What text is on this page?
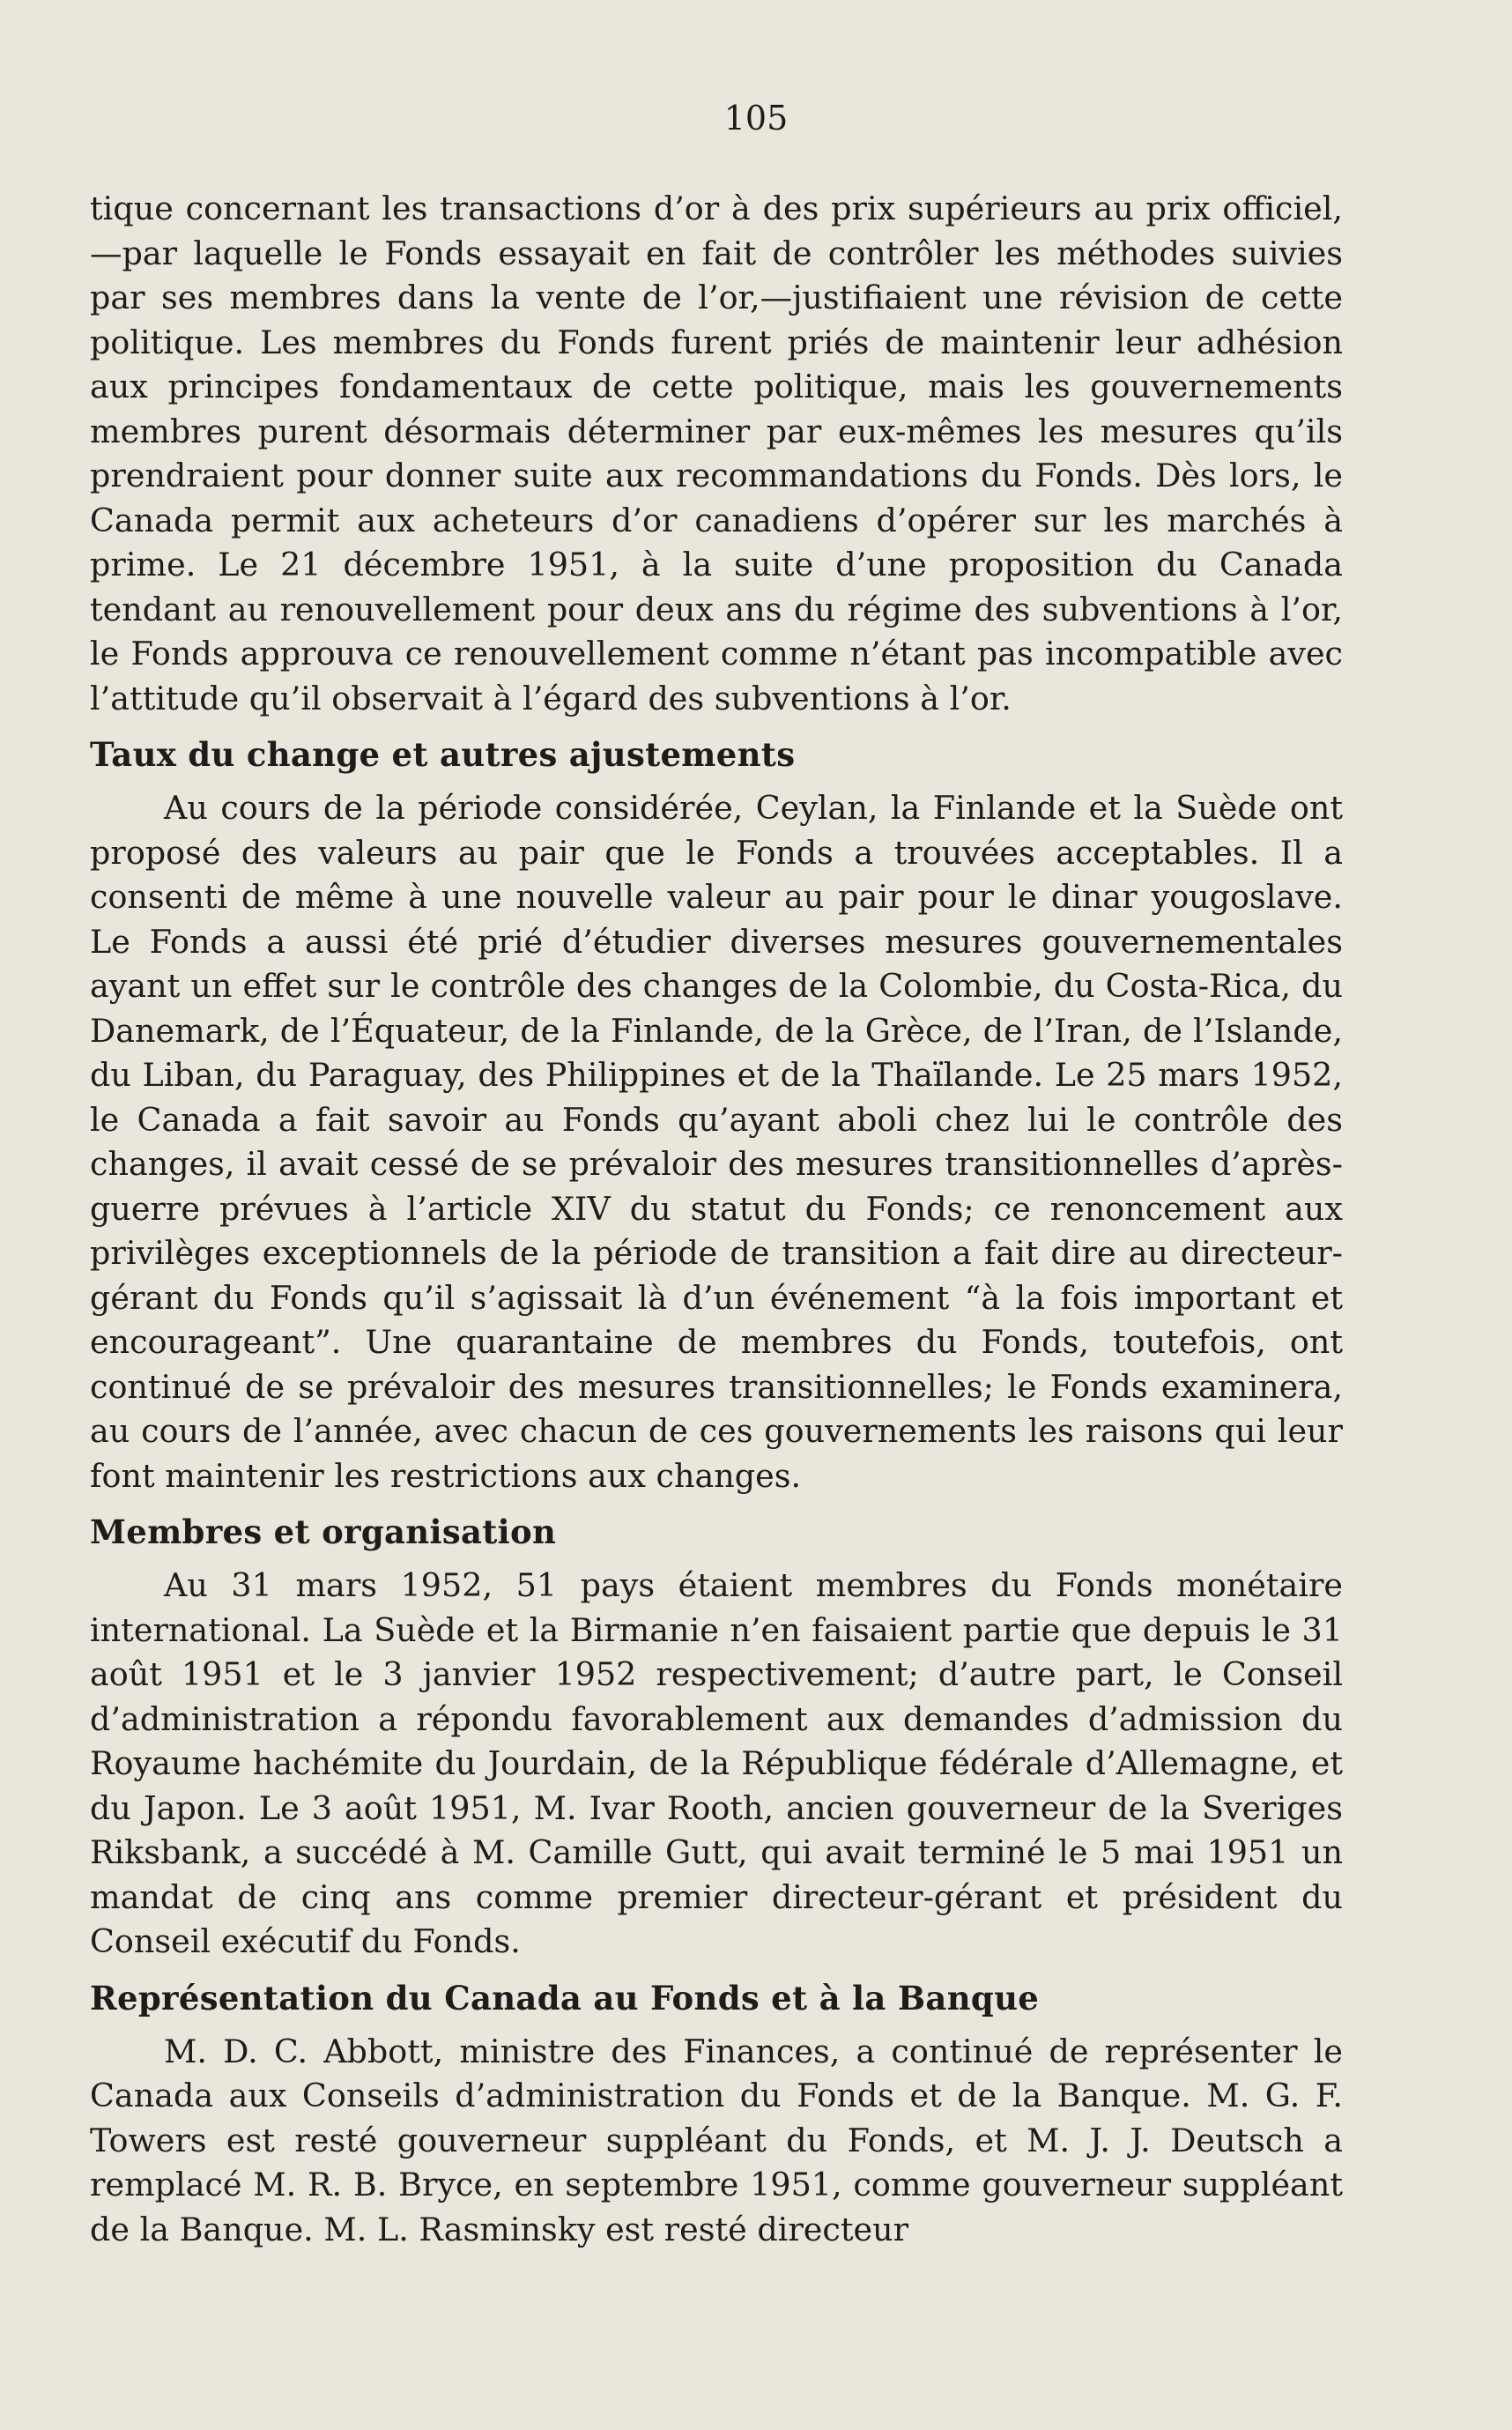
105

tique concernant les transactions d’or à des prix supérieurs au prix officiel,—par laquelle le Fonds essayait en fait de contrôler les méthodes suivies par ses membres dans la vente de l’or,—justifiaient une révision de cette politique. Les membres du Fonds furent priés de maintenir leur adhésion aux principes fondamentaux de cette politique, mais les gouvernements membres purent désormais déterminer par eux-mêmes les mesures qu’ils prendraient pour donner suite aux recommandations du Fonds. Dès lors, le Canada permit aux acheteurs d’or canadiens d’opérer sur les marchés à prime. Le 21 décembre 1951, à la suite d’une proposition du Canada tendant au renouvellement pour deux ans du régime des subventions à l’or, le Fonds approuva ce renouvellement comme n’étant pas incompatible avec l’attitude qu’il observait à l’égard des subventions à l’or.

Taux du change et autres ajustements

Au cours de la période considérée, Ceylan, la Finlande et la Suède ont proposé des valeurs au pair que le Fonds a trouvées acceptables. Il a consenti de même à une nouvelle valeur au pair pour le dinar yougoslave. Le Fonds a aussi été prié d’étudier diverses mesures gouvernementales ayant un effet sur le contrôle des changes de la Colombie, du Costa-Rica, du Danemark, de l’Équateur, de la Finlande, de la Grèce, de l’Iran, de l’Islande, du Liban, du Paraguay, des Philippines et de la Thaïlande. Le 25 mars 1952, le Canada a fait savoir au Fonds qu’ayant aboli chez lui le contrôle des changes, il avait cessé de se prévaloir des mesures transitionnelles d’après-guerre prévues à l’article XIV du statut du Fonds; ce renoncement aux privilèges exceptionnels de la période de transition a fait dire au directeur-gérant du Fonds qu’il s’agissait là d’un événement “à la fois important et encourageant”. Une quarantaine de membres du Fonds, toutefois, ont continué de se prévaloir des mesures transitionnelles; le Fonds examinera, au cours de l’année, avec chacun de ces gouvernements les raisons qui leur font maintenir les restrictions aux changes.

Membres et organisation

Au 31 mars 1952, 51 pays étaient membres du Fonds monétaire international. La Suède et la Birmanie n’en faisaient partie que depuis le 31 août 1951 et le 3 janvier 1952 respectivement; d’autre part, le Conseil d’administration a répondu favorablement aux demandes d’admission du Royaume hachémite du Jourdain, de la République fédérale d’Allemagne, et du Japon. Le 3 août 1951, M. Ivar Rooth, ancien gouverneur de la Sveriges Riksbank, a succédé à M. Camille Gutt, qui avait terminé le 5 mai 1951 un mandat de cinq ans comme premier directeur-gérant et président du Conseil exécutif du Fonds.

Représentation du Canada au Fonds et à la Banque

M. D. C. Abbott, ministre des Finances, a continué de représenter le Canada aux Conseils d’administration du Fonds et de la Banque. M. G. F. Towers est resté gouverneur suppléant du Fonds, et M. J. J. Deutsch a remplacé M. R. B. Bryce, en septembre 1951, comme gouverneur suppléant de la Banque. M. L. Rasminsky est resté directeur
